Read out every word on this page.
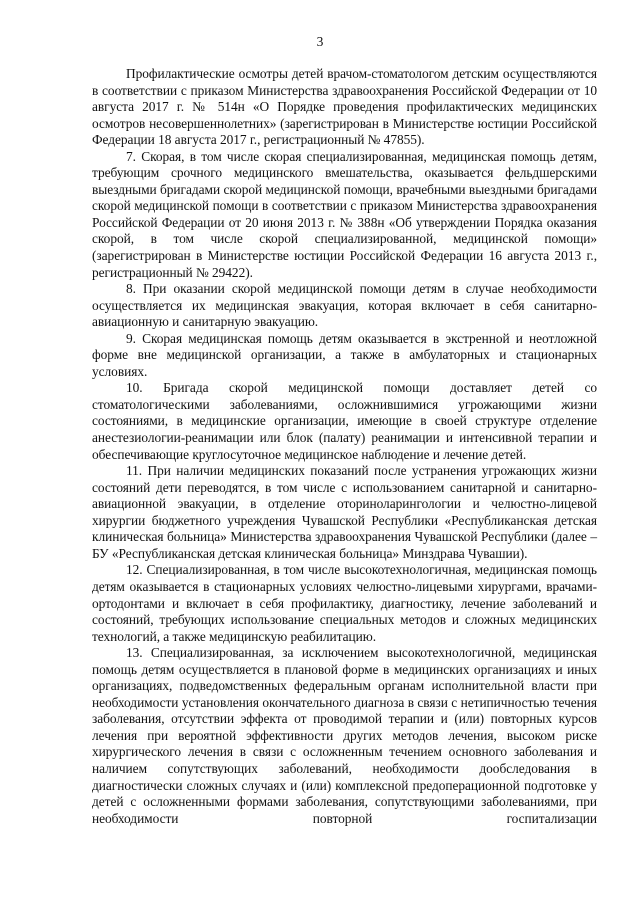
3

Профилактические осмотры детей врачом-стоматологом детским осуществляются в соответствии с приказом Министерства здравоохранения Российской Федерации от 10 августа 2017 г. № 514н «О Порядке проведения профилактических медицинских осмотров несовершеннолетних» (зарегистрирован в Министерстве юстиции Российской Федерации 18 августа 2017 г., регистрационный № 47855).

7. Скорая, в том числе скорая специализированная, медицинская помощь детям, требующим срочного медицинского вмешательства, оказывается фельдшерскими выездными бригадами скорой медицинской помощи, врачебными выездными бригадами скорой медицинской помощи в соответствии с приказом Министерства здравоохранения Российской Федерации от 20 июня 2013 г. № 388н «Об утверждении Порядка оказания скорой, в том числе скорой специализированной, медицинской помощи» (зарегистрирован в Министерстве юстиции Российской Федерации 16 августа 2013 г., регистрационный № 29422).

8. При оказании скорой медицинской помощи детям в случае необходимости осуществляется их медицинская эвакуация, которая включает в себя санитарно-авиационную и санитарную эвакуацию.

9. Скорая медицинская помощь детям оказывается в экстренной и неотложной форме вне медицинской организации, а также в амбулаторных и стационарных условиях.

10. Бригада скорой медицинской помощи доставляет детей со стоматологическими заболеваниями, осложнившимися угрожающими жизни состояниями, в медицинские организации, имеющие в своей структуре отделение анестезиологии-реанимации или блок (палату) реанимации и интенсивной терапии и обеспечивающие круглосуточное медицинское наблюдение и лечение детей.

11. При наличии медицинских показаний после устранения угрожающих жизни состояний дети переводятся, в том числе с использованием санитарной и санитарно-авиационной эвакуации, в отделение оториноларингологии и челюстно-лицевой хирургии бюджетного учреждения Чувашской Республики «Республиканская детская клиническая больница» Министерства здравоохранения Чувашской Республики (далее – БУ «Республиканская детская клиническая больница» Минздрава Чувашии).

12. Специализированная, в том числе высокотехнологичная, медицинская помощь детям оказывается в стационарных условиях челюстно-лицевыми хирургами, врачами-ортодонтами и включает в себя профилактику, диагностику, лечение заболеваний и состояний, требующих использование специальных методов и сложных медицинских технологий, а также медицинскую реабилитацию.

13. Специализированная, за исключением высокотехнологичной, медицинская помощь детям осуществляется в плановой форме в медицинских организациях и иных организациях, подведомственных федеральным органам исполнительной власти при необходимости установления окончательного диагноза в связи с нетипичностью течения заболевания, отсутствии эффекта от проводимой терапии и (или) повторных курсов лечения при вероятной эффективности других методов лечения, высоком риске хирургического лечения в связи с осложненным течением основного заболевания и наличием сопутствующих заболеваний, необходимости дообследования в диагностически сложных случаях и (или) комплексной предоперационной подготовке у детей с осложненными формами заболевания, сопутствующими заболеваниями, при необходимости повторной госпитализации
